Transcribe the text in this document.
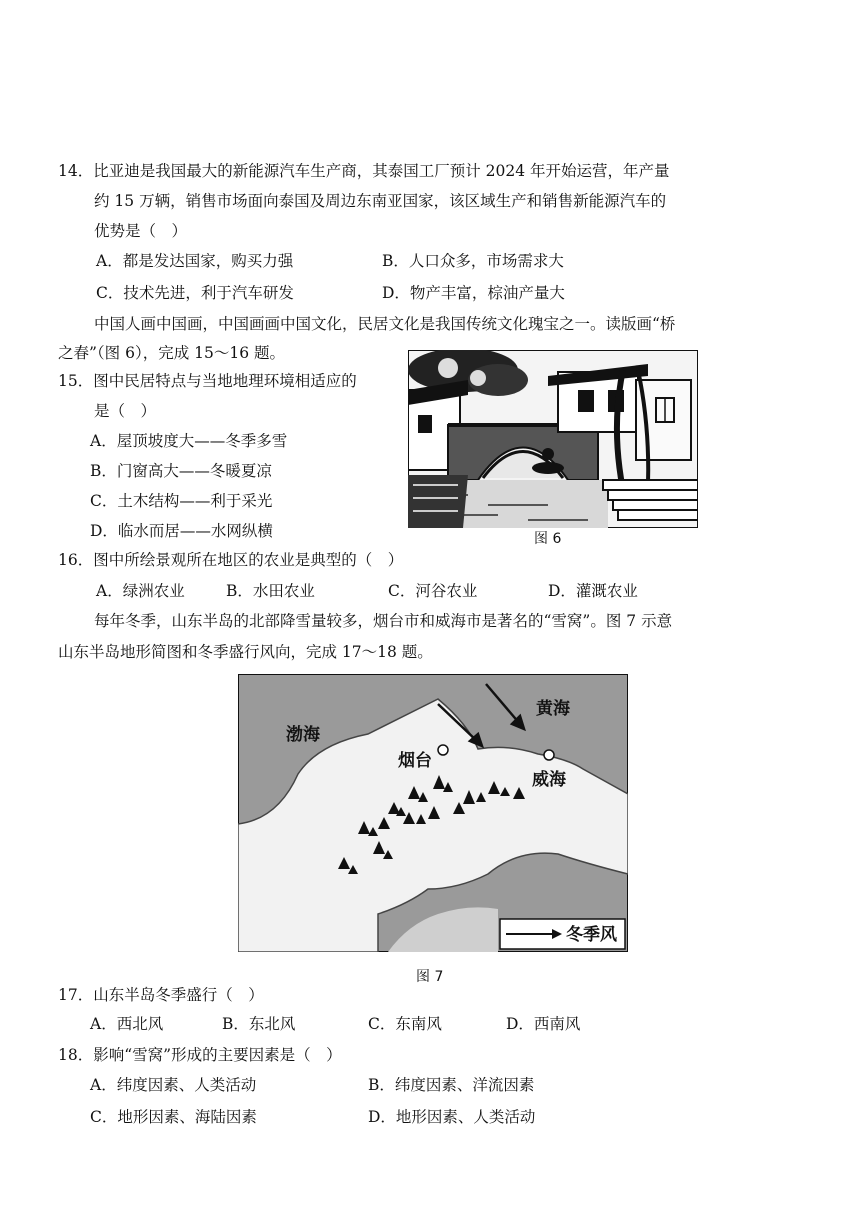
14．比亚迪是我国最大的新能源汽车生产商，其泰国工厂预计 2024 年开始运营，年产量
约 15 万辆，销售市场面向泰国及周边东南亚国家，该区域生产和销售新能源汽车的
优势是（　）
A．都是发达国家，购买力强	B．人口众多，市场需求大
C．技术先进，利于汽车研发	D．物产丰富，棕油产量大
中国人画中国画，中国画画中国文化，民居文化是我国传统文化瑰宝之一。读版画“桥
之春”（图 6），完成 15～16 题。
15．图中民居特点与当地地理环境相适应的
是（　）
A．屋顶坡度大——冬季多雪
B．门窗高大——冬暖夏凉
C．土木结构——利于采光
D．临水而居——水网纵横	图 6
16．图中所绘景观所在地区的农业是典型的（　）
A．绿洲农业	B．水田农业	C．河谷农业	D．灌溉农业
每年冬季，山东半岛的北部降雪量较多，烟台市和威海市是著名的“雪窝”。图 7 示意
山东半岛地形简图和冬季盛行风向，完成 17～18 题。
渤海
黄海
烟台
威海
冬季风
图 7
17．山东半岛冬季盛行（　）
A．西北风	B．东北风	C．东南风	D．西南风
18．影响“雪窝”形成的主要因素是（　）
A．纬度因素、人类活动	B．纬度因素、洋流因素
C．地形因素、海陆因素	D．地形因素、人类活动
